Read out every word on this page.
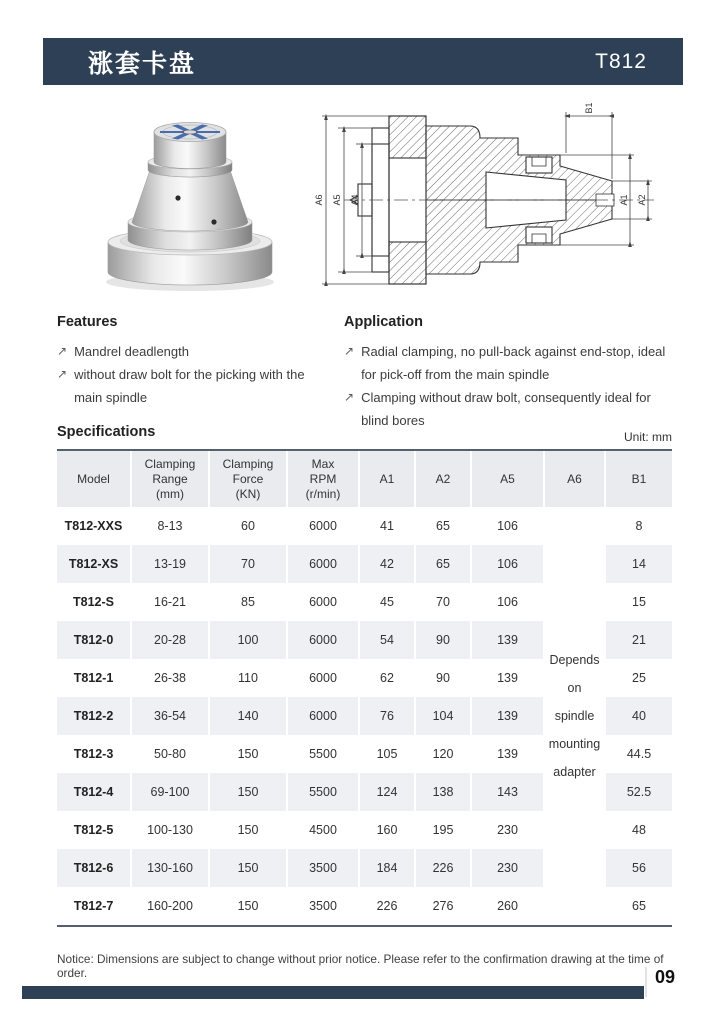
涨套卡盘	T812
A6 A5 A4	A1 A2
B1

Features

↗ Mandrel deadlength
↗ without draw bolt for the picking with the main spindle

Application

↗ Radial clamping, no pull-back against end-stop, ideal for pick-off from the main spindle
↗ Clamping without draw bolt, consequently ideal for blind bores

Specifications	Unit: mm
Model	Clamping
Range
(mm)	Clamping
Force
(KN)	Max
RPM
(r/min)	A1	A2	A5	A6	B1
T812-XXS	8-13	60	6000	41	65	106	Depends
on
spindle
mounting
adapter	8
T812-XS	13-19	70	6000	42	65	106		14
T812-S	16-21	85	6000	45	70	106		15
T812-0	20-28	100	6000	54	90	139		21
T812-1	26-38	110	6000	62	90	139		25
T812-2	36-54	140	6000	76	104	139		40
T812-3	50-80	150	5500	105	120	139		44.5
T812-4	69-100	150	5500	124	138	143		52.5
T812-5	100-130	150	4500	160	195	230		48
T812-6	130-160	150	3500	184	226	230		56
T812-7	160-200	150	3500	226	276	260		65

Notice: Dimensions are subject to change without prior notice. Please refer to the confirmation drawing at the time of order.	09
